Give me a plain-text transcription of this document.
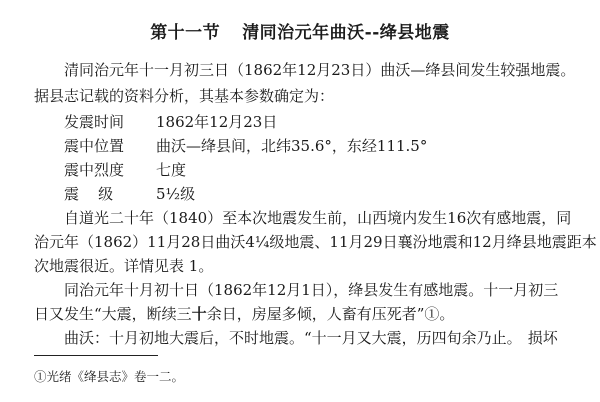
第十一节 清同治元年曲沃--绛县地震
清同治元年十一月初三日（1862年12月23日）曲沃—绛县间发生较强地震。
据县志记载的资料分析，其基本参数确定为：
发震时间 1862年12月23日
震中位置 曲沃—绛县间，北纬35.6°，东经111.5°
震中烈度 七度
震    级	5½级
自道光二十年（1840）至本次地震发生前，山西境内发生16次有感地震，同
治元年（1862）11月28日曲沃4¼级地震、11月29日襄汾地震和12月绛县地震距本
次地震很近。详情见表 1。
同治元年十月初十日（1862年12月1日），绛县发生有感地震。十一月初三
日又发生“大震，断续三十余日，房屋多倾，人畜有压死者”①。
曲沃：十月初地大震后，不时地震。“十一月又大震，历四旬余乃止。 损坏
①光绪《绛县志》卷一二。
